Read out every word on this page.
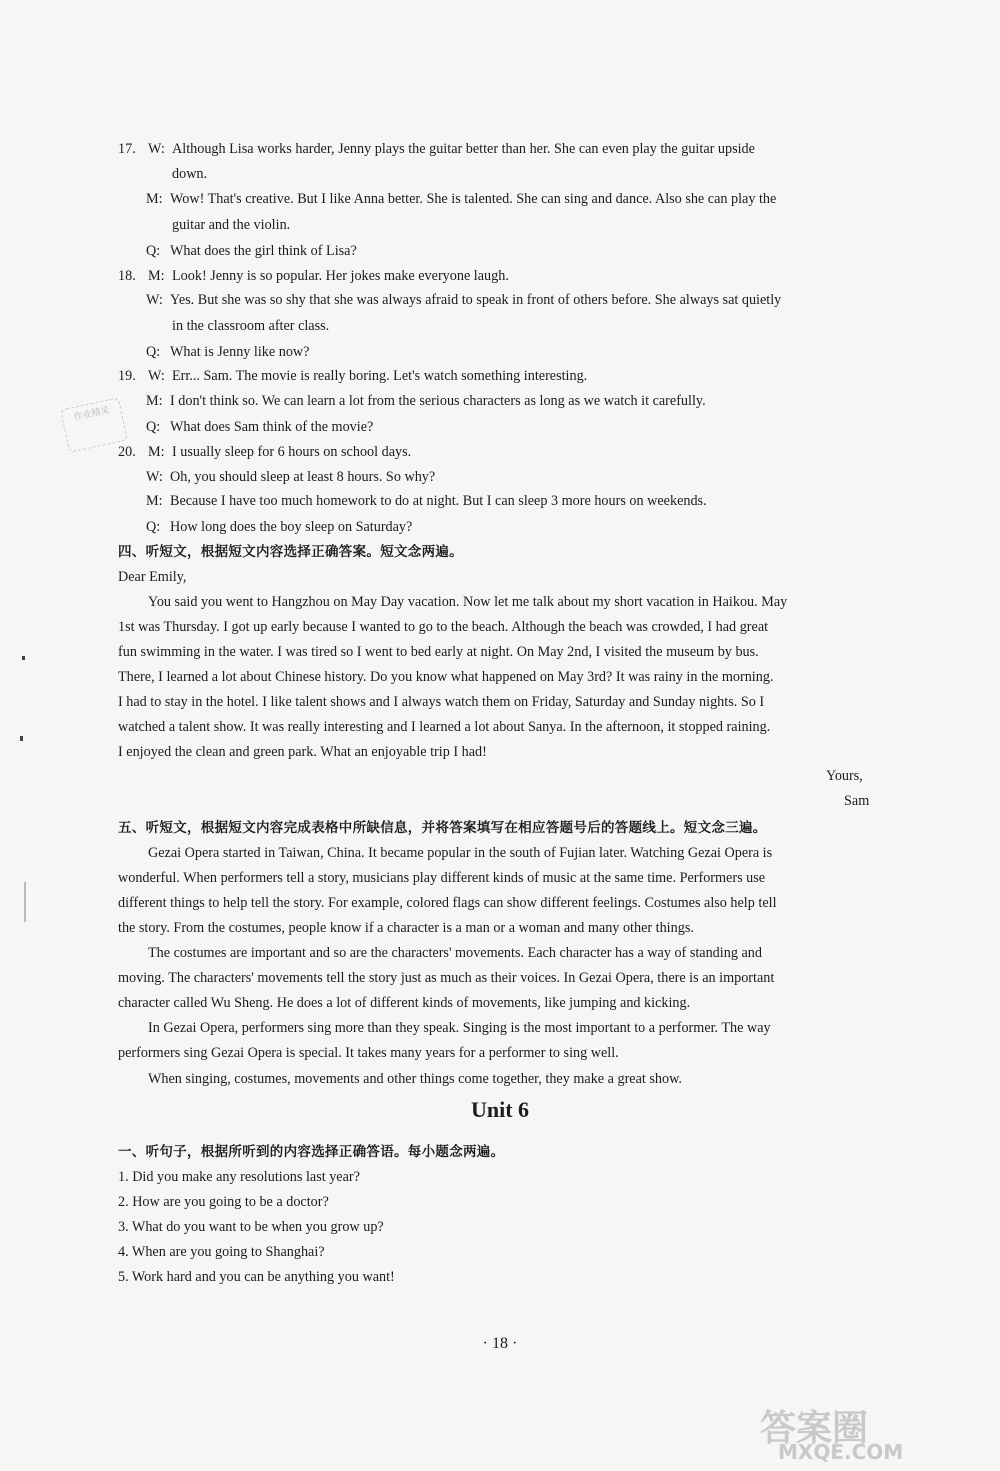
17. W: Although Lisa works harder, Jenny plays the guitar better than her. She can even play the guitar upside
down.
M: Wow! That's creative. But I like Anna better. She is talented. She can sing and dance. Also she can play the
guitar and the violin.
Q: What does the girl think of Lisa?
18. M: Look! Jenny is so popular. Her jokes make everyone laugh.
W: Yes. But she was so shy that she was always afraid to speak in front of others before. She always sat quietly
in the classroom after class.
Q: What is Jenny like now?
19. W: Err... Sam. The movie is really boring. Let's watch something interesting.
M: I don't think so. We can learn a lot from the serious characters as long as we watch it carefully.
Q: What does Sam think of the movie?
作业精灵
20. M: I usually sleep for 6 hours on school days.
W: Oh, you should sleep at least 8 hours. So why?
M: Because I have too much homework to do at night. But I can sleep 3 more hours on weekends.
Q: How long does the boy sleep on Saturday?
四、听短文，根据短文内容选择正确答案。短文念两遍。
Dear Emily,
You said you went to Hangzhou on May Day vacation. Now let me talk about my short vacation in Haikou. May
1st was Thursday. I got up early because I wanted to go to the beach. Although the beach was crowded, I had great
fun swimming in the water. I was tired so I went to bed early at night. On May 2nd, I visited the museum by bus.
There, I learned a lot about Chinese history. Do you know what happened on May 3rd? It was rainy in the morning.
I had to stay in the hotel. I like talent shows and I always watch them on Friday, Saturday and Sunday nights. So I
watched a talent show. It was really interesting and I learned a lot about Sanya. In the afternoon, it stopped raining.
I enjoyed the clean and green park. What an enjoyable trip I had!
Yours,
Sam
五、听短文，根据短文内容完成表格中所缺信息，并将答案填写在相应答题号后的答题线上。短文念三遍。
Gezai Opera started in Taiwan, China. It became popular in the south of Fujian later. Watching Gezai Opera is
wonderful. When performers tell a story, musicians play different kinds of music at the same time. Performers use
different things to help tell the story. For example, colored flags can show different feelings. Costumes also help tell
the story. From the costumes, people know if a character is a man or a woman and many other things.
The costumes are important and so are the characters' movements. Each character has a way of standing and
moving. The characters' movements tell the story just as much as their voices. In Gezai Opera, there is an important
character called Wu Sheng. He does a lot of different kinds of movements, like jumping and kicking.
In Gezai Opera, performers sing more than they speak. Singing is the most important to a performer. The way
performers sing Gezai Opera is special. It takes many years for a performer to sing well.
When singing, costumes, movements and other things come together, they make a great show.
Unit 6
一、听句子，根据所听到的内容选择正确答语。每小题念两遍。
1. Did you make any resolutions last year?
2. How are you going to be a doctor?
3. What do you want to be when you grow up?
4. When are you going to Shanghai?
5. Work hard and you can be anything you want!
· 18 ·
答案圈
MXQE.COM
